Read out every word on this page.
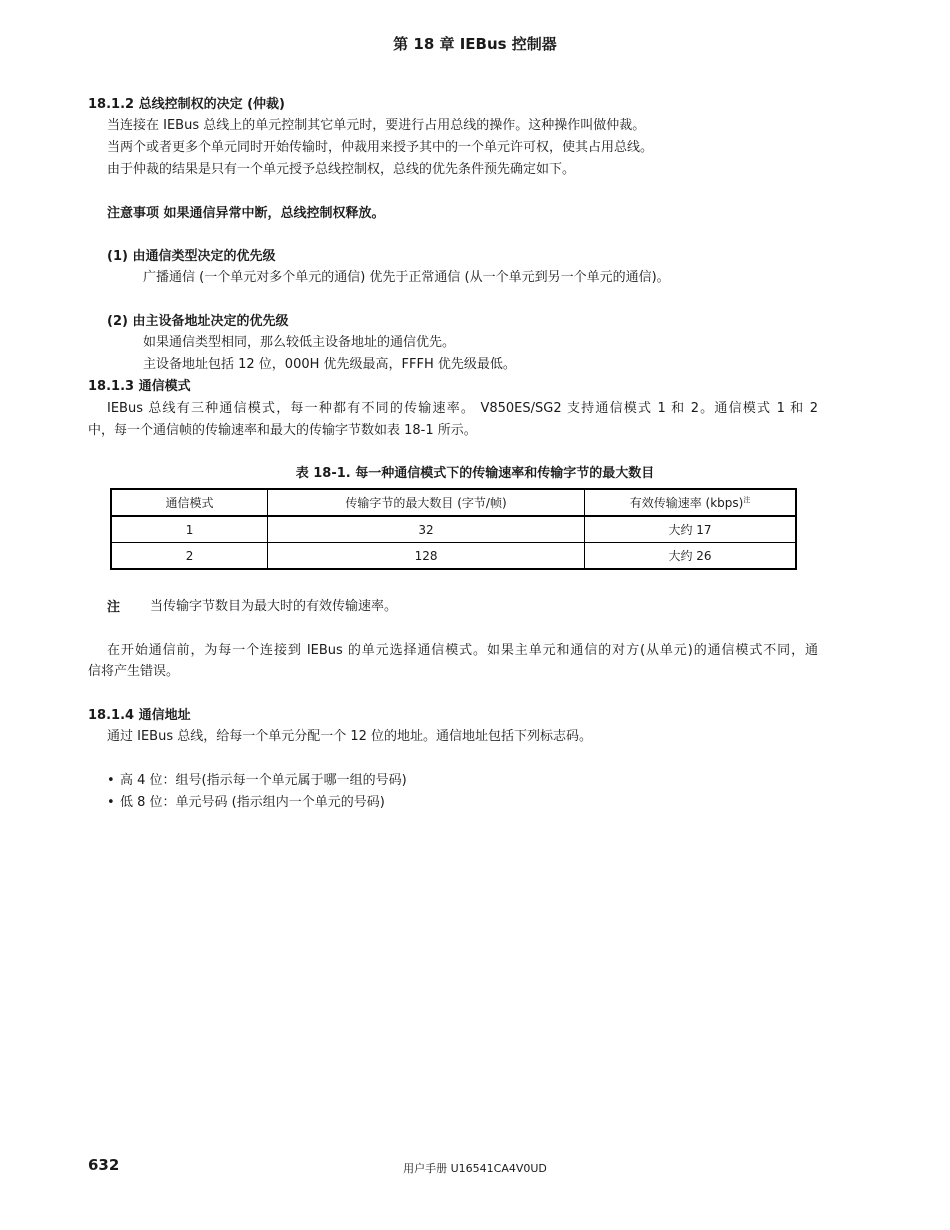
第 18 章 IEBus 控制器
18.1.2 总线控制权的决定 (仲裁)
当连接在 IEBus 总线上的单元控制其它单元时，要进行占用总线的操作。这种操作叫做仲裁。
当两个或者更多个单元同时开始传输时，仲裁用来授予其中的一个单元许可权，使其占用总线。
由于仲裁的结果是只有一个单元授予总线控制权，总线的优先条件预先确定如下。
注意事项 如果通信异常中断，总线控制权释放。
(1) 由通信类型决定的优先级
广播通信 (一个单元对多个单元的通信) 优先于正常通信 (从一个单元到另一个单元的通信)。
(2) 由主设备地址决定的优先级
如果通信类型相同，那么较低主设备地址的通信优先。
主设备地址包括 12 位，000H 优先级最高，FFFH 优先级最低。
18.1.3 通信模式
IEBus 总线有三种通信模式，每一种都有不同的传输速率。 V850ES/SG2 支持通信模式 1 和 2。通信模式 1 和 2
中，每一个通信帧的传输速率和最大的传输字节数如表 18-1 所示。
表 18-1. 每一种通信模式下的传输速率和传输字节的最大数目
通信模式	传输字节的最大数目 (字节/帧)	有效传输速率 (kbps)$^注$
1	32	大约 17
2	128	大约 26
注 当传输字节数目为最大时的有效传输速率。
在开始通信前，为每一个连接到 IEBus 的单元选择通信模式。如果主单元和通信的对方(从单元)的通信模式不同，通
信将产生错误。
18.1.4 通信地址
通过 IEBus 总线，给每一个单元分配一个 12 位的地址。通信地址包括下列标志码。
• 高 4 位：组号(指示每一个单元属于哪一组的号码)
• 低 8 位：单元号码 (指示组内一个单元的号码)
632	用户手册 U16541CA4V0UD
